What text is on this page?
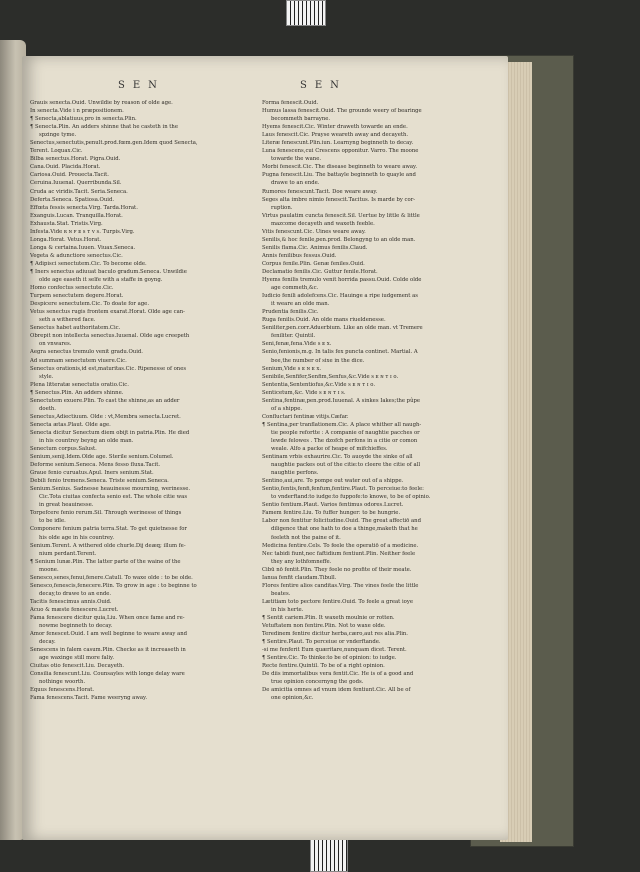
SEN	SEN
Grauis senecta.Ouid. Unwildie by reason of olde age.
In senecta.Vide i n præpositionem.
¶ Senecta,ablatiuus,pro in senecta.Plin.
¶ Senecta.Plin. An adders shinne that he casteth in the
spzinge tyme.
Senectus,senectutis,penult.prod.fœm.gen.Idem quod Senecta,
Terent. Loquax.Cic.
Bilba senectus.Horat. Pigra.Ouid.
Cana.Ouid. Placida.Horat.
Cariosa.Ouid. Prouecta.Tacit.
Ceruina.Iuuenal. Querribunda.Sil.
Cruda ac viridis.Tacit. Seria.Seneca.
Deferta.Seneca. Spatiosa.Ouid.
Effœta fessis senecta.Virg. Tarda.Horat.
Exanguis.Lucan. Tranquilla.Horat.
Exhausta.Stat. Tristis.Virg.
Infesta.Vide ʀ ɴ ꜰ ᴇ s ᴛ ᴠ s. Turpis.Virg.
Longa.Horat. Vetus.Horat.
Longa & certaina.Iuuen. Viuax.Seneca.
Vegeta & adunctiore senectus.Cic.
¶ Adipisci senectutem.Cic. To become olde.
¶ Iners senectus adiuuat baculo gradum.Seneca. Unwildie
olde age easeth it selfe with a staffe in goyng.
Homo confectus senectute.Cic.
Turpem senectutem degere.Horat.
Despicere senectutem.Cic. To doate for age.
Vetus senectus rugis frontem exarat.Horat. Olde age can-
seth a withered face.
Senectus habet authoritatem.Cic.
Obrepit non intellecta senectus.Iuuenal. Olde age creepeth
on vnwares.
Aegra senectus tremulo venit gradu.Ouid.
Ad summam senectutem viuere.Cic.
Senectus orationis,id est,maturitas.Cic. Ripenesse of ones
style.
Plena litteratæ senectutis oratio.Cic.
¶ Senectus.Plin. An adders shinne.
Senectutem exuere.Plin. To cast the shinne,as an adder
doeth.
Senectus,Adiectiuum. Olde : vt,Membra senecta.Lucret.
Senecta ætas.Plaut. Olde age.
Senecta dicitur Senectum diem obijt in patria.Plin. He died
in his countrey beyng an olde man.
Senectum corpus.Salust.
Senium,senij.Idem.Olde age. Sterile senium.Columel.
Deforme senium.Seneca. Mens fesso fluxa.Tacit.
Graue fenio curuatus.Apul. Iners senium.Stat.
Debili fenio tremens.Seneca. Triste senium.Seneca.
Senium.Senius. Sadnesse heauinesse mourning, werinesse.
Cic.Tota ciuitas confecta senio est. The whole citie was
in great heauinesse.
Torpefcere fenio rerum.Sil. Through werinesse of things
to be idle.
Componere fenium patria terra.Stat. To get quietnesse for
his olde age in his countrey.
Senium.Terent. A withered olde churle.Dij deæq; illum fe-
nium perdant.Terent.
¶ Senium lunæ.Plin. The latter parte of the waine of the
moone.
Senesco,senes,fenui,fenere.Catull. To waxe olde : to be olde.
Senesco,fenescis,fenecere.Plin. To grow in age : to beginne to
decay,to drawe to an ende.
Tacitis fenescimus annis.Ouid.
Acuo & mæste fenescere.Lucret.
Fama fenescere dicitur quia,Liu. When once fame and re-
nowme beginneth to decay.
Amor fenescet.Ouid. I am well beginne to weare away and
decay.
Senescens in falem casum.Plin. Checke as it increaseth in
age waxinge still more faliy.
Ciuitas otio fenescit.Liu. Decayeth.
Consilia fenescunt.Liu. Counsayles with longe delay ware
nothinge woorth.
Equus fenescens.Horat.
Fama fenescens.Tacit. Fame weeryng away.
Forma fenescit.Ouid.
Humus lassa fenescit.Ouid. The grounde weery of bearinge
becommeth barrayne.
Hyems fenescit.Cic. Winter draweth towarde an ende.
Laus fenescit.Cic. Prayse weareth away and decayeth.
Literæ fenescunt.Plin.iun. Learnyng beginneth to decay.
Luna fenescens,cui Crescens opponitur. Varro. The moone
towarde the wane.
Morbi fenescit.Cic. The disease beginneth to weare away.
Pugna fenescit.Liu. The battayle beginneth to quayle and
drawe to an ende.
Rumores fenescunt.Tacit. Doe weare away.
Seges alta imbre nimio fenescit.Tacitus. Is marde by cor-
ruption.
Virtus paulatim cuncta fenescit.Sil. Uertue by little & little
mazcome decayeth and waxeth feeble.
Vitis fenescunt.Cic. Uines weare away.
Senilis,& hoc fenile,pen.prod. Belongyng to an olde man.
Senilis flama.Cic. Animus fenilis.Claud.
Annis fenilibus fessus.Ouid.
Corpus fenile.Plin. Genæ feniles.Ouid.
Declamatio fenilis.Cic. Guttur fenile.Horat.
Hyems fenilis tremulo venit horrida passu.Ouid. Colde olde
age commeth,&c.
Iudicio fenili adolefcens.Cic. Hauinge a ripe iudgement as
it weare an olde man.
Prudentia fenilis.Cic.
Ruga fenilis.Ouid. An olde mans riueldenesse.
Seniliter,pen.corr.Aduerbium. Like an olde man. vt Tremere
feniliter. Quintil.
Seni,fenæ,fena.Vide s ᴇ x.
Senio,fenionis,m.g. In talis fex puncta continet. Martial. A
bee,the number of sixe in the dice.
Senium,Vide s ᴇ ɴ ᴇ x.
Senibile,Senfifer,Senfim,Senfus,&c.Vide s ᴇ ɴ ᴛ ɪ o.
Sententia,Sententiofus,&c.Vide s ᴇ ɴ ᴛ ɪ o.
Senticetum,&c. Vide s ᴇ ɴ ᴛ ɪ s.
Sentina,fentinæ,pen.prod.Iuuenal. A sinkes Iakes;the pûpe
of a shippe.
Confluctari fentinæ vitijs.Cæfar.
¶ Sentina,per tranflationem.Cic. A place whither all naugh-
tie people refortte : A companie of naughtie pacches or
lewde felowes . The dzofch perfons in a citie or comon
weale. Alfo a packe of heape of mifchieffes.
Sentinam vrbis exhaurire.Cic. To auoyde the sinke of all
naughtie packes out of the citie:to cleere the citie of all
naughtie perfons.
Sentino,aui,are. To pompe out water out of a shippe.
Sentio,fentis,fenfi,fenfum,fentire.Plaut. To perceiue:to feele:
to vnderftand:to iudge:to fuppofe:to knowe, to be of opinio.
Sentio fentium.Plaut. Varios fentimus odores.Lucret.
Famem fentire.Liu. To fuffer hunger: to be hungrie.
Labor non fentitur folicitudine.Ouid. The great affectiō and
diligence that one hath to doe a thinge,maketh that he
feeleth not the paine of it.
Medicina fentire.Cels. To feele the operatiō of a medicine.
Nec tabidi fiunt,nec faftidium fentiunt.Plin. Neither feele
they any lothfomneffe.
Cibū nō fentit.Plin. They feele no profite of their meate.
Ianua fenfit claudam.Tibull.
Flores fentire alios canditas.Virg. The vines feele the little
beates.
Lætitiam toto pectore fentire.Ouid. To feele a great ioye
in his herte.
¶ Sentit cariem.Plin. It waxeth moulnie or rotten.
Vetuftatem non fentire.Plin. Not to waxe olde.
Teredinem fentire dicitur herba,cæro,aut res alia.Plin.
¶ Sentire.Plaut. To perceiue or vnderftande.
-si me fenferit Eum quæritare,nunquam dicet. Terent.
¶ Sentire.Cic. To thinke:to be of opinion: to iudge.
Recte fentire.Quintil. To be of a right opinion.
De diis immortalibus vera fentit.Cic. He is of a good and
true opinion concernyng the gods.
De amicitia omnes ad vnum idem fentiunt.Cic. All be of
one opinion,&c.
